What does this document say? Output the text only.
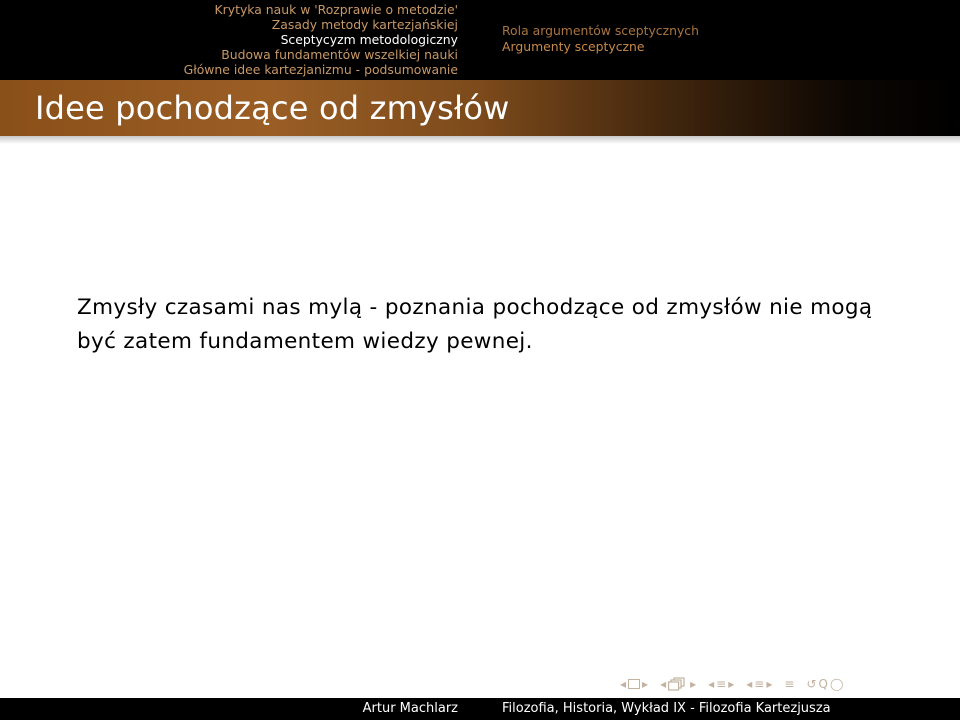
Krytyka nauk w 'Rozprawie o metodzie'
Zasady metody kartezjańskiej
Sceptycyzm metodologiczny
Budowa fundamentów wszelkiej nauki
Główne idee kartezjanizmu - podsumowanie
Rola argumentów sceptycznych
Argumenty sceptyczne
Idee pochodzące od zmysłów
Zmysły czasami nas mylą - poznania pochodzące od zmysłów nie mogą
być zatem fundamentem wiedzy pewnej.
◂ ▸ ◂ ▸ ◂ ≡ ▸ ◂ ≡ ▸ ≡ ↺ Q ◯
Artur Machlarz	Filozofia, Historia, Wykład IX - Filozofia Kartezjusza
